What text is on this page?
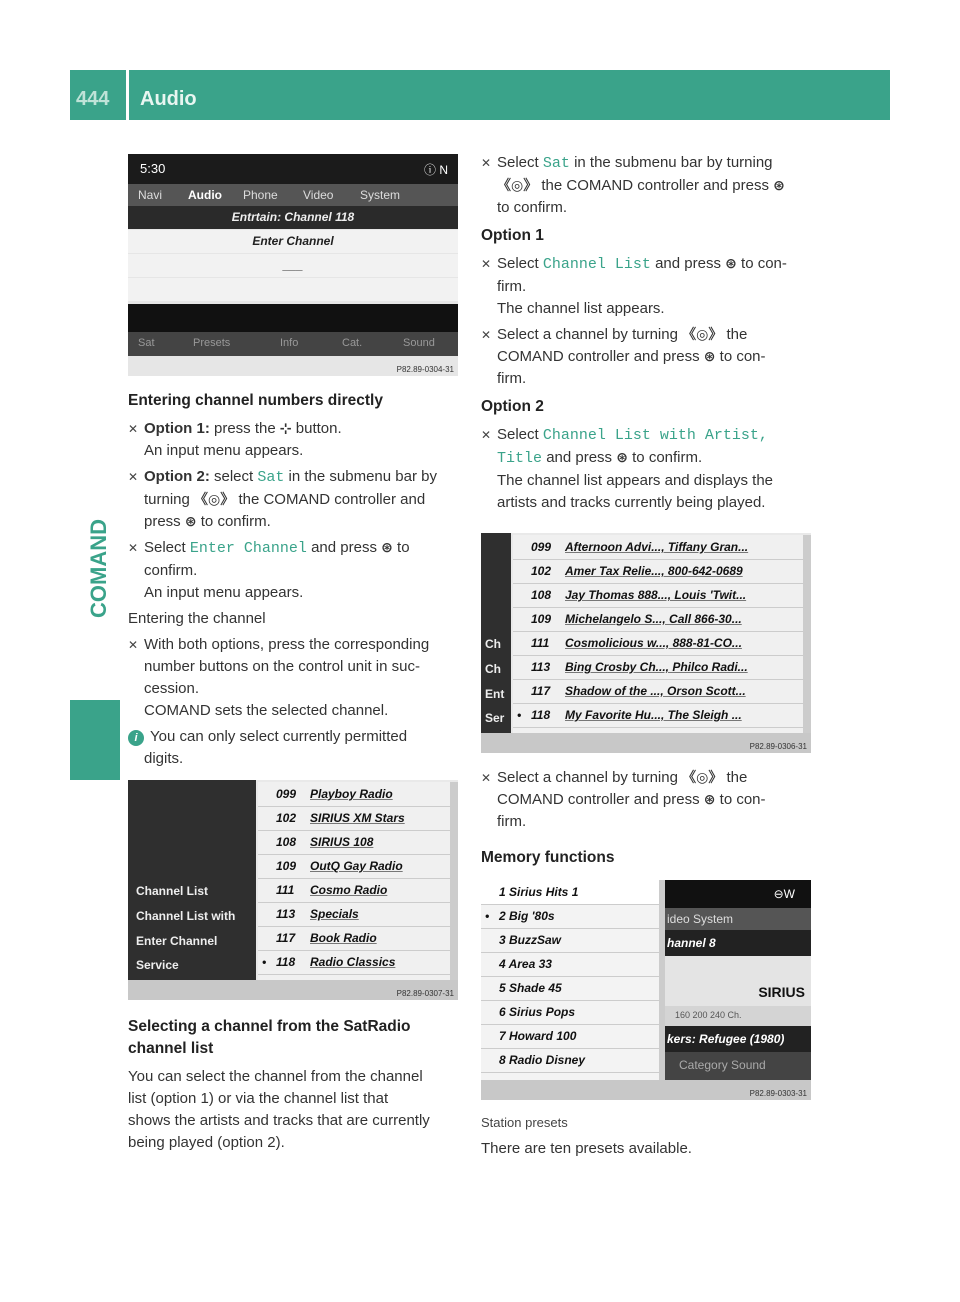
444 Audio
COMAND
5:30	ⓘ N
Navi Audio Phone Video System
Entrtain: Channel 118
Enter Channel
___
Sat	Presets	Info	Cat.	Sound
P82.89-0304-31
Entering channel numbers directly
✕ Option 1: press the ⊹ button.
An input menu appears.
✕ Option 2: select Sat in the submenu bar by
turning 《◎》 the COMAND controller and
press ⊛ to confirm.
✕ Select Enter Channel and press ⊛ to
confirm.
An input menu appears.
Entering the channel
✕ With both options, press the corresponding
number buttons on the control unit in suc-
cession.
COMAND sets the selected channel.
i You can only select currently permitted
digits.
Channel List
Channel List with
Enter Channel
Service
099 Playboy Radio
102 SIRIUS XM Stars
108 SIRIUS 108
109 OutQ Gay Radio
111 Cosmo Radio
113 Specials
117 Book Radio
• 118 Radio Classics
P82.89-0307-31
Selecting a channel from the SatRadio
channel list
You can select the channel from the channel
list (option 1) or via the channel list that
shows the artists and tracks that are currently
being played (option 2).
✕ Select Sat in the submenu bar by turning
《◎》 the COMAND controller and press ⊛
to confirm.
Option 1
✕ Select Channel List and press ⊛ to con-
firm.
The channel list appears.
✕ Select a channel by turning 《◎》 the
COMAND controller and press ⊛ to con-
firm.
Option 2
✕ Select Channel List with Artist,
Title and press ⊛ to confirm.
The channel list appears and displays the
artists and tracks currently being played.
Ch
Ch
Ent
Ser
099 Afternoon Advi..., Tiffany Gran...
102 Amer Tax Relie..., 800-642-0689
108 Jay Thomas 888..., Louis 'Twit...
109 Michelangelo S..., Call 866-30...
111 Cosmolicious w..., 888-81-CO...
113 Bing Crosby Ch..., Philco Radi...
117 Shadow of the ..., Orson Scott...
• 118 My Favorite Hu..., The Sleigh ...
P82.89-0306-31
✕ Select a channel by turning 《◎》 the
COMAND controller and press ⊛ to con-
firm.
Memory functions
1 Sirius Hits 1
• 2 Big '80s
3 BuzzSaw
4 Area 33
5 Shade 45
6 Sirius Pops
7 Howard 100
8 Radio Disney
⊖W
ideo System
hannel 8
SIRIUS
160 200 240 Ch.
kers: Refugee (1980)
Category Sound
P82.89-0303-31
Station presets
There are ten presets available.
